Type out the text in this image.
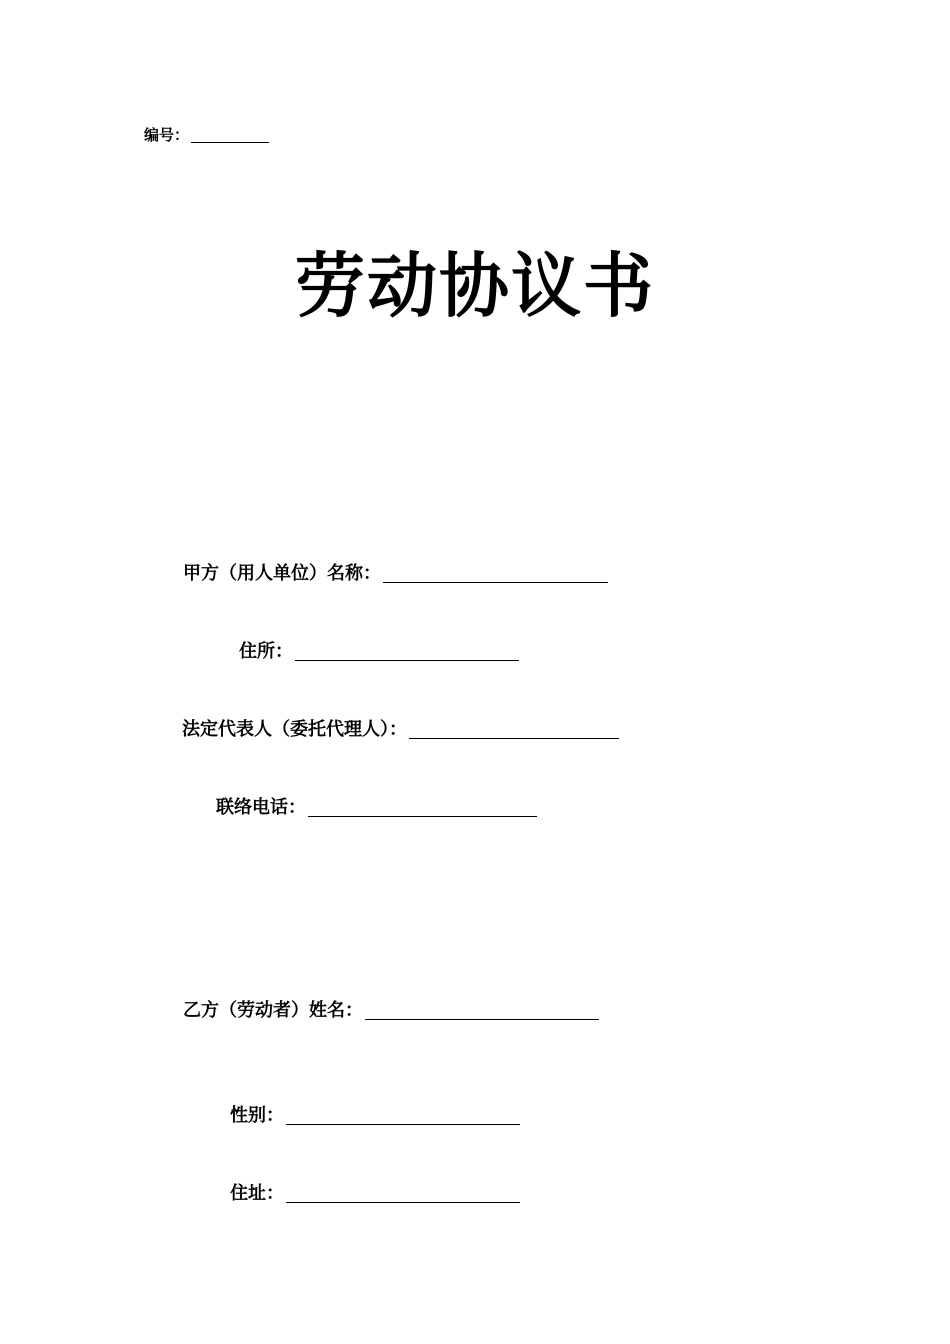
编号：
劳动协议书
甲方（用人单位）名称：
住所：
法定代表人（委托代理人）：
联络电话：
乙方（劳动者）姓名：
性别：
住址：
